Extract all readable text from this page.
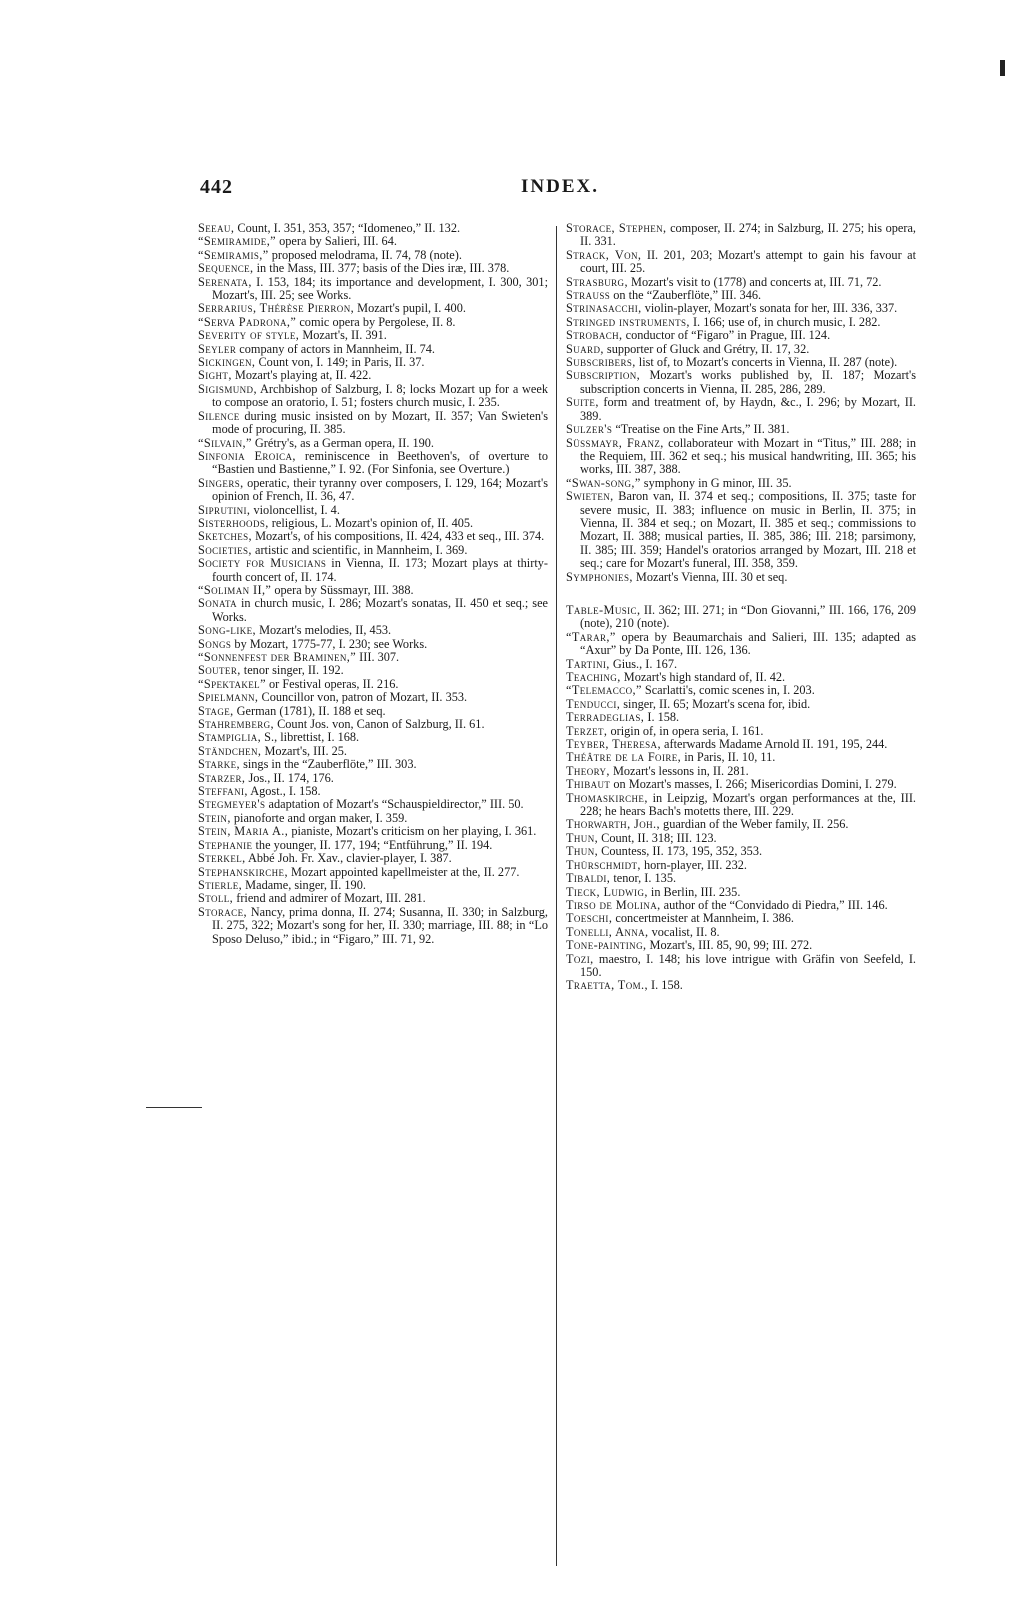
442	INDEX.

Seeau, Count, I. 351, 353, 357; “Idomeneo,” II. 132.

“Semiramide,” opera by Salieri, III. 64.

“Semiramis,” proposed melodrama, II. 74, 78 (note).

Sequence, in the Mass, III. 377; basis of the Dies iræ, III. 378.

Serenata, I. 153, 184; its importance and development, I. 300, 301; Mozart's, III. 25; see Works.

Serrarius, Thérèse Pierron, Mozart's pupil, I. 400.

“Serva Padrona,” comic opera by Pergolese, II. 8.

Severity of style, Mozart's, II. 391.

Seyler company of actors in Mannheim, II. 74.

Sickingen, Count von, I. 149; in Paris, II. 37.

Sight, Mozart's playing at, II. 422.

Sigismund, Archbishop of Salzburg, I. 8; locks Mozart up for a week to compose an oratorio, I. 51; fosters church music, I. 235.

Silence during music insisted on by Mozart, II. 357; Van Swieten's mode of procuring, II. 385.

“Silvain,” Grétry's, as a German opera, II. 190.

Sinfonia Eroica, reminiscence in Beethoven's, of overture to “Bastien und Bastienne,” I. 92. (For Sinfonia, see Overture.)

Singers, operatic, their tyranny over composers, I. 129, 164; Mozart's opinion of French, II. 36, 47.

Siprutini, violoncellist, I. 4.

Sisterhoods, religious, L. Mozart's opinion of, II. 405.

Sketches, Mozart's, of his compositions, II. 424, 433 et seq., III. 374.

Societies, artistic and scientific, in Mannheim, I. 369.

Society for Musicians in Vienna, II. 173; Mozart plays at thirty-fourth concert of, II. 174.

“Soliman II,” opera by Süssmayr, III. 388.

Sonata in church music, I. 286; Mozart's sonatas, II. 450 et seq.; see Works.

Song-like, Mozart's melodies, II, 453.

Songs by Mozart, 1775-77, I. 230; see Works.

“Sonnenfest der Braminen,” III. 307.

Souter, tenor singer, II. 192.

“Spektakel” or Festival operas, II. 216.

Spielmann, Councillor von, patron of Mozart, II. 353.

Stage, German (1781), II. 188 et seq.

Stahremberg, Count Jos. von, Canon of Salzburg, II. 61.

Stampiglia, S., librettist, I. 168.

Ständchen, Mozart's, III. 25.

Starke, sings in the “Zauberflöte,” III. 303.

Starzer, Jos., II. 174, 176.

Steffani, Agost., I. 158.

Stegmeyer's adaptation of Mozart's “Schauspieldirector,” III. 50.

Stein, pianoforte and organ maker, I. 359.

Stein, Maria A., pianiste, Mozart's criticism on her playing, I. 361.

Stephanie the younger, II. 177, 194; “Entführung,” II. 194.

Sterkel, Abbé Joh. Fr. Xav., clavier-player, I. 387.

Stephanskirche, Mozart appointed kapellmeister at the, II. 277.

Stierle, Madame, singer, II. 190.

Stoll, friend and admirer of Mozart, III. 281.

Storace, Nancy, prima donna, II. 274; Susanna, II. 330; in Salzburg, II. 275, 322; Mozart's song for her, II. 330; marriage, III. 88; in “Lo Sposo Deluso,” ibid.; in “Figaro,” III. 71, 92.

Storace, Stephen, composer, II. 274; in Salzburg, II. 275; his opera, II. 331.

Strack, Von, II. 201, 203; Mozart's attempt to gain his favour at court, III. 25.

Strasburg, Mozart's visit to (1778) and concerts at, III. 71, 72.

Strauss on the “Zauberflöte,” III. 346.

Strinasacchi, violin-player, Mozart's sonata for her, III. 336, 337.

Stringed instruments, I. 166; use of, in church music, I. 282.

Strobach, conductor of “Figaro” in Prague, III. 124.

Suard, supporter of Gluck and Grétry, II. 17, 32.

Subscribers, list of, to Mozart's concerts in Vienna, II. 287 (note).

Subscription, Mozart's works published by, II. 187; Mozart's subscription concerts in Vienna, II. 285, 286, 289.

Suite, form and treatment of, by Haydn, &c., I. 296; by Mozart, II. 389.

Sulzer's “Treatise on the Fine Arts,” II. 381.

Süssmayr, Franz, collaborateur with Mozart in “Titus,” III. 288; in the Requiem, III. 362 et seq.; his musical handwriting, III. 365; his works, III. 387, 388.

“Swan-song,” symphony in G minor, III. 35.

Swieten, Baron van, II. 374 et seq.; compositions, II. 375; taste for severe music, II. 383; influence on music in Berlin, II. 375; in Vienna, II. 384 et seq.; on Mozart, II. 385 et seq.; commissions to Mozart, II. 388; musical parties, II. 385, 386; III. 218; parsimony, II. 385; III. 359; Handel's oratorios arranged by Mozart, III. 218 et seq.; care for Mozart's funeral, III. 358, 359.

Symphonies, Mozart's Vienna, III. 30 et seq.

Table-Music, II. 362; III. 271; in “Don Giovanni,” III. 166, 176, 209 (note), 210 (note).

“Tarar,” opera by Beaumarchais and Salieri, III. 135; adapted as “Axur” by Da Ponte, III. 126, 136.

Tartini, Gius., I. 167.

Teaching, Mozart's high standard of, II. 42.

“Telemacco,” Scarlatti's, comic scenes in, I. 203.

Tenducci, singer, II. 65; Mozart's scena for, ibid.

Terradeglias, I. 158.

Terzet, origin of, in opera seria, I. 161.

Teyber, Theresa, afterwards Madame Arnold II. 191, 195, 244.

Théâtre de la Foire, in Paris, II. 10, 11.

Theory, Mozart's lessons in, II. 281.

Thibaut on Mozart's masses, I. 266; Misericordias Domini, I. 279.

Thomaskirche, in Leipzig, Mozart's organ performances at the, III. 228; he hears Bach's motetts there, III. 229.

Thorwarth, Joh., guardian of the Weber family, II. 256.

Thun, Count, II. 318; III. 123.

Thun, Countess, II. 173, 195, 352, 353.

Thürschmidt, horn-player, III. 232.

Tibaldi, tenor, I. 135.

Tieck, Ludwig, in Berlin, III. 235.

Tirso de Molina, author of the “Convidado di Piedra,” III. 146.

Toeschi, concertmeister at Mannheim, I. 386.

Tonelli, Anna, vocalist, II. 8.

Tone-painting, Mozart's, III. 85, 90, 99; III. 272.

Tozi, maestro, I. 148; his love intrigue with Gräfin von Seefeld, I. 150.

Traetta, Tom., I. 158.
